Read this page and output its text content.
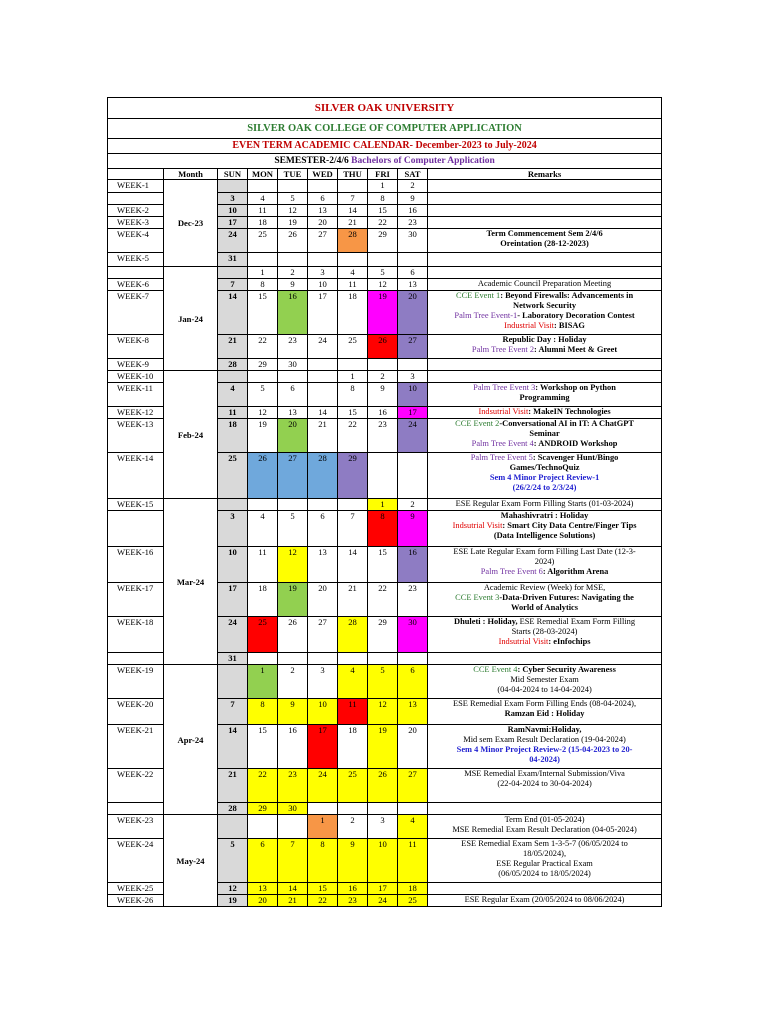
SILVER OAK UNIVERSITY									
SILVER OAK COLLEGE OF COMPUTER APPLICATION									
EVEN TERM ACADEMIC CALENDAR- December-2023 to July-2024									
SEMESTER-2/4/6 Bachelors of Computer Application									
	Month	SUN	MON	TUE	WED	THU	FRI	SAT	Remarks
WEEK-1	Dec-23						1	2	
		3	4	5	6	7	8	9	
WEEK-2		10	11	12	13	14	15	16	
WEEK-3		17	18	19	20	21	22	23	
WEEK-4		24	25	26	27	28	29	30	Term Commencement Sem 2/4/6
Oreintation (28-12-2023)

WEEK-5		31							
	Jan-24		1	2	3	4	5	6	
WEEK-6		7	8	9	10	11	12	13	Academic Council Preparation Meeting

WEEK-7		14	15	16	17	18	19	20	CCE Event 1: Beyond Firewalls: Advancements in
Network Security
Palm Tree Event-1- Laboratory Decoration Contest
Industrial Visit: BISAG

WEEK-8		21	22	23	24	25	26	27	Republic Day : Holiday
Palm Tree Event 2: Alumni Meet & Greet

WEEK-9		28	29	30					
WEEK-10	Feb-24					1	2	3	
WEEK-11		4	5	6		8	9	10	Palm Tree Event 3: Workshop on Python
Programming

WEEK-12		11	12	13	14	15	16	17	Indsutrial Visit: MakeIN Technologies

WEEK-13		18	19	20	21	22	23	24	CCE Event 2-Conversational AI in IT: A ChatGPT
Seminar
Palm Tree Event 4: ANDROID Workshop

WEEK-14		25	26	27	28	29			Palm Tree Event 5: Scavenger Hunt/Bingo
Games/TechnoQuiz
Sem 4 Minor Project Review-1
(26/2/24 to 2/3/24)

WEEK-15	Mar-24						1	2	ESE Regular Exam Form Filling Starts (01-03-2024)

		3	4	5	6	7	8	9	Mahashivratri : Holiday
Indsutrial Visit: Smart City Data Centre/Finger Tips
(Data Intelligence Solutions)

WEEK-16		10	11	12	13	14	15	16	ESE Late Regular Exam form Filling Last Date (12-3-
2024)
Palm Tree Event 6: Algorithm Arena

WEEK-17		17	18	19	20	21	22	23	Academic Review (Week) for MSE,
CCE Event 3-Data-Driven Futures: Navigating the
World of Analytics

WEEK-18		24	25	26	27	28	29	30	Dhuleti : Holiday, ESE Remedial Exam Form Filling
Starts (28-03-2024)
Indsutrial Visit: eInfochips

		31							
WEEK-19	Apr-24		1	2	3	4	5	6	CCE Event 4: Cyber Security Awareness
Mid Semester Exam
(04-04-2024 to 14-04-2024)

WEEK-20		7	8	9	10	11	12	13	ESE Remedial Exam Form Filling Ends (08-04-2024),
Ramzan Eid : Holiday

WEEK-21		14	15	16	17	18	19	20	RamNavmi:Holiday,
Mid sem Exam Result Declaration (19-04-2024)
Sem 4 Minor Project Review-2 (15-04-2023 to 20-
04-2024)

WEEK-22		21	22	23	24	25	26	27	MSE Remedial Exam/Internal Submission/Viva
(22-04-2024 to 30-04-2024)

		28	29	30					
WEEK-23	May-24				1	2	3	4	Term End (01-05-2024)
MSE Remedial Exam Result Declaration (04-05-2024)

WEEK-24		5	6	7	8	9	10	11	ESE Remedial Exam Sem 1-3-5-7 (06/05/2024 to
18/05/2024),
ESE Regular Practical Exam
(06/05/2024 to 18/05/2024)

WEEK-25		12	13	14	15	16	17	18	
WEEK-26		19	20	21	22	23	24	25	ESE Regular Exam (20/05/2024 to 08/06/2024)
